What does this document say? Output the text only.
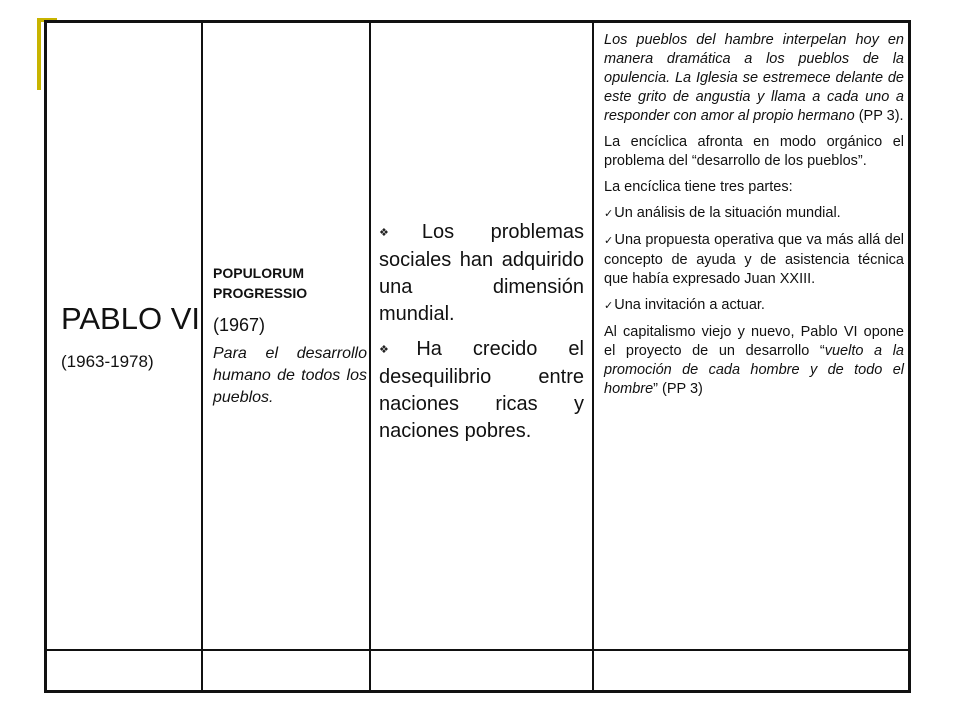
PABLO VI
(1963-1978)
POPULORUM PROGRESSIO
(1967)
Para el desarrollo humano de todos los pueblos.
❖ Los problemas sociales han adquirido una dimensión mundial.
❖ Ha crecido el desequilibrio entre naciones ricas y naciones pobres.

Los pueblos del hambre interpelan hoy en manera dramática a los pueblos de la opulencia. La Iglesia se estremece delante de este grito de angustia y llama a cada uno a responder con amor al propio hermano (PP 3).

La encíclica afronta en modo orgánico el problema del “desarrollo de los pueblos”.

La encíclica tiene tres partes:

✓Un análisis de la situación mundial.

✓Una propuesta operativa que va más allá del concepto de ayuda y de asistencia técnica que había expresado Juan XXIII.

✓Una invitación a actuar.

Al capitalismo viejo y nuevo, Pablo VI opone el proyecto de un desarrollo “vuelto a la promoción de cada hombre y de todo el hombre” (PP 3)
